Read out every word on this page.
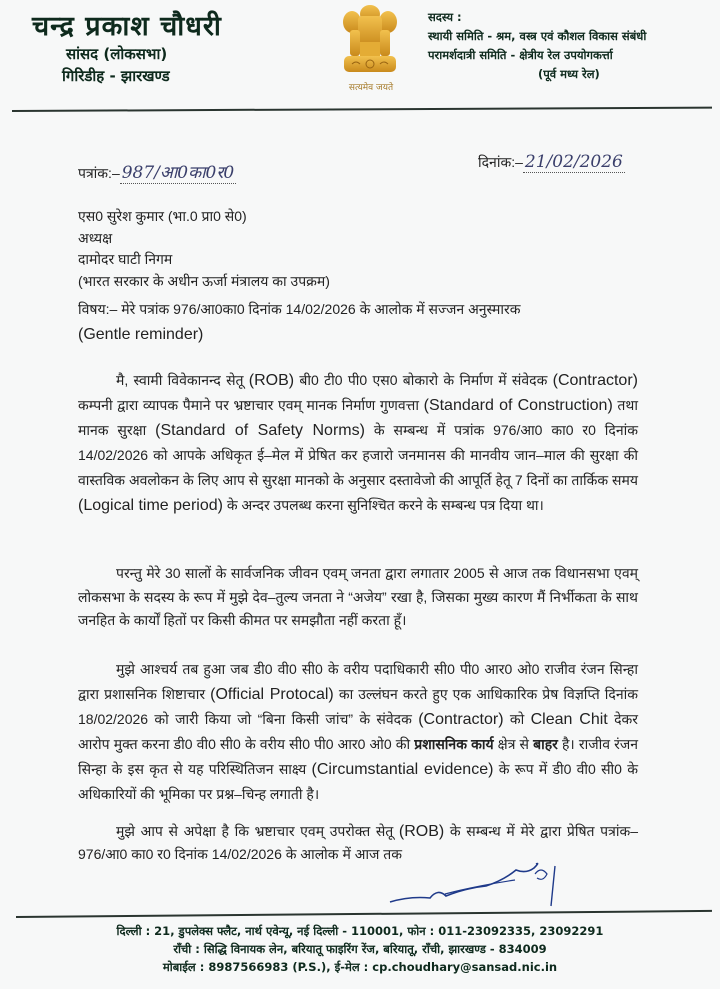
चन्द्र प्रकाश चौधरी
सांसद (लोकसभा)
गिरिडीह - झारखण्ड
सत्यमेव जयते
सदस्य :
स्थायी समिति - श्रम, वस्त्र एवं कौशल विकास संबंधी
परामर्शदात्री समिति - क्षेत्रीय रेल उपयोगकर्त्ता
(पूर्व मध्य रेल)
पत्रांक:– 987/आ0का0र0
दिनांक:– 21/02/2026
एस0 सुरेश कुमार (भा.0 प्रा0 से0)
अध्यक्ष
दामोदर घाटी निगम
(भारत सरकार के अधीन ऊर्जा मंत्रालय का उपक्रम)
विषय:– मेरे पत्रांक 976/आ0का0 दिनांक 14/02/2026 के आलोक में सज्जन अनुस्मारक
(Gentle reminder)
मै, स्वामी विवेकानन्द सेतू (ROB) बी0 टी0 पी0 एस0 बोकारो के निर्माण में संवेदक (Contractor) कम्पनी द्वारा व्यापक पैमाने पर भ्रष्टाचार एवम् मानक निर्माण गुणवत्ता (Standard of Construction) तथा मानक सुरक्षा (Standard of Safety Norms) के सम्बन्ध में पत्रांक 976/आ0 का0 र0 दिनांक 14/02/2026 को आपके अधिकृत ई–मेल में प्रेषित कर हजारो जनमानस की मानवीय जान–माल की सुरक्षा की वास्तविक अवलोकन के लिए आप से सुरक्षा मानको के अनुसार दस्तावेजो की आपूर्ति हेतू 7 दिनों का तार्किक समय (Logical time period) के अन्दर उपलब्ध करना सुनिश्चित करने के सम्बन्ध पत्र दिया था।
परन्तु मेरे 30 सालों के सार्वजनिक जीवन एवम् जनता द्वारा लगातार 2005 से आज तक विधानसभा एवम् लोकसभा के सदस्य के रूप में मुझे देव–तुल्य जनता ने “अजेय” रखा है, जिसका मुख्य कारण मैं निर्भीकता के साथ जनहित के कार्यों हितों पर किसी कीमत पर समझौता नहीं करता हूँ।
मुझे आश्चर्य तब हुआ जब डी0 वी0 सी0 के वरीय पदाधिकारी सी0 पी0 आर0 ओ0 राजीव रंजन सिन्हा द्वारा प्रशासनिक शिष्टाचार (Official Protocal) का उल्लंघन करते हुए एक आधिकारिक प्रेष विज्ञप्ति दिनांक 18/02/2026 को जारी किया जो “बिना किसी जांच” के संवेदक (Contractor) को Clean Chit देकर आरोप मुक्त करना डी0 वी0 सी0 के वरीय सी0 पी0 आर0 ओ0 की प्रशासनिक कार्य क्षेत्र से बाहर है। राजीव रंजन सिन्हा के इस कृत से यह परिस्थितिजन साक्ष्य (Circumstantial evidence) के रूप में डी0 वी0 सी0 के अधिकारियों की भूमिका पर प्रश्न–चिन्ह लगाती है।
मुझे आप से अपेक्षा है कि भ्रष्टाचार एवम् उपरोक्त सेतू (ROB) के सम्बन्ध में मेरे द्वारा प्रेषित पत्रांक– 976/आ0 का0 र0 दिनांक 14/02/2026 के आलोक में आज तक
दिल्ली : 21, डुपलेक्स फ्लैट, नार्थ एवेन्यू, नई दिल्ली - 110001, फोन : 011-23092335, 23092291
राँची : सिद्धि विनायक लेन, बरियातू फाइरिंग रेंज, बरियातू, राँची, झारखण्ड - 834009
मोबाईल : 8987566983 (P.S.), ई-मेल : cp.choudhary@sansad.nic.in
